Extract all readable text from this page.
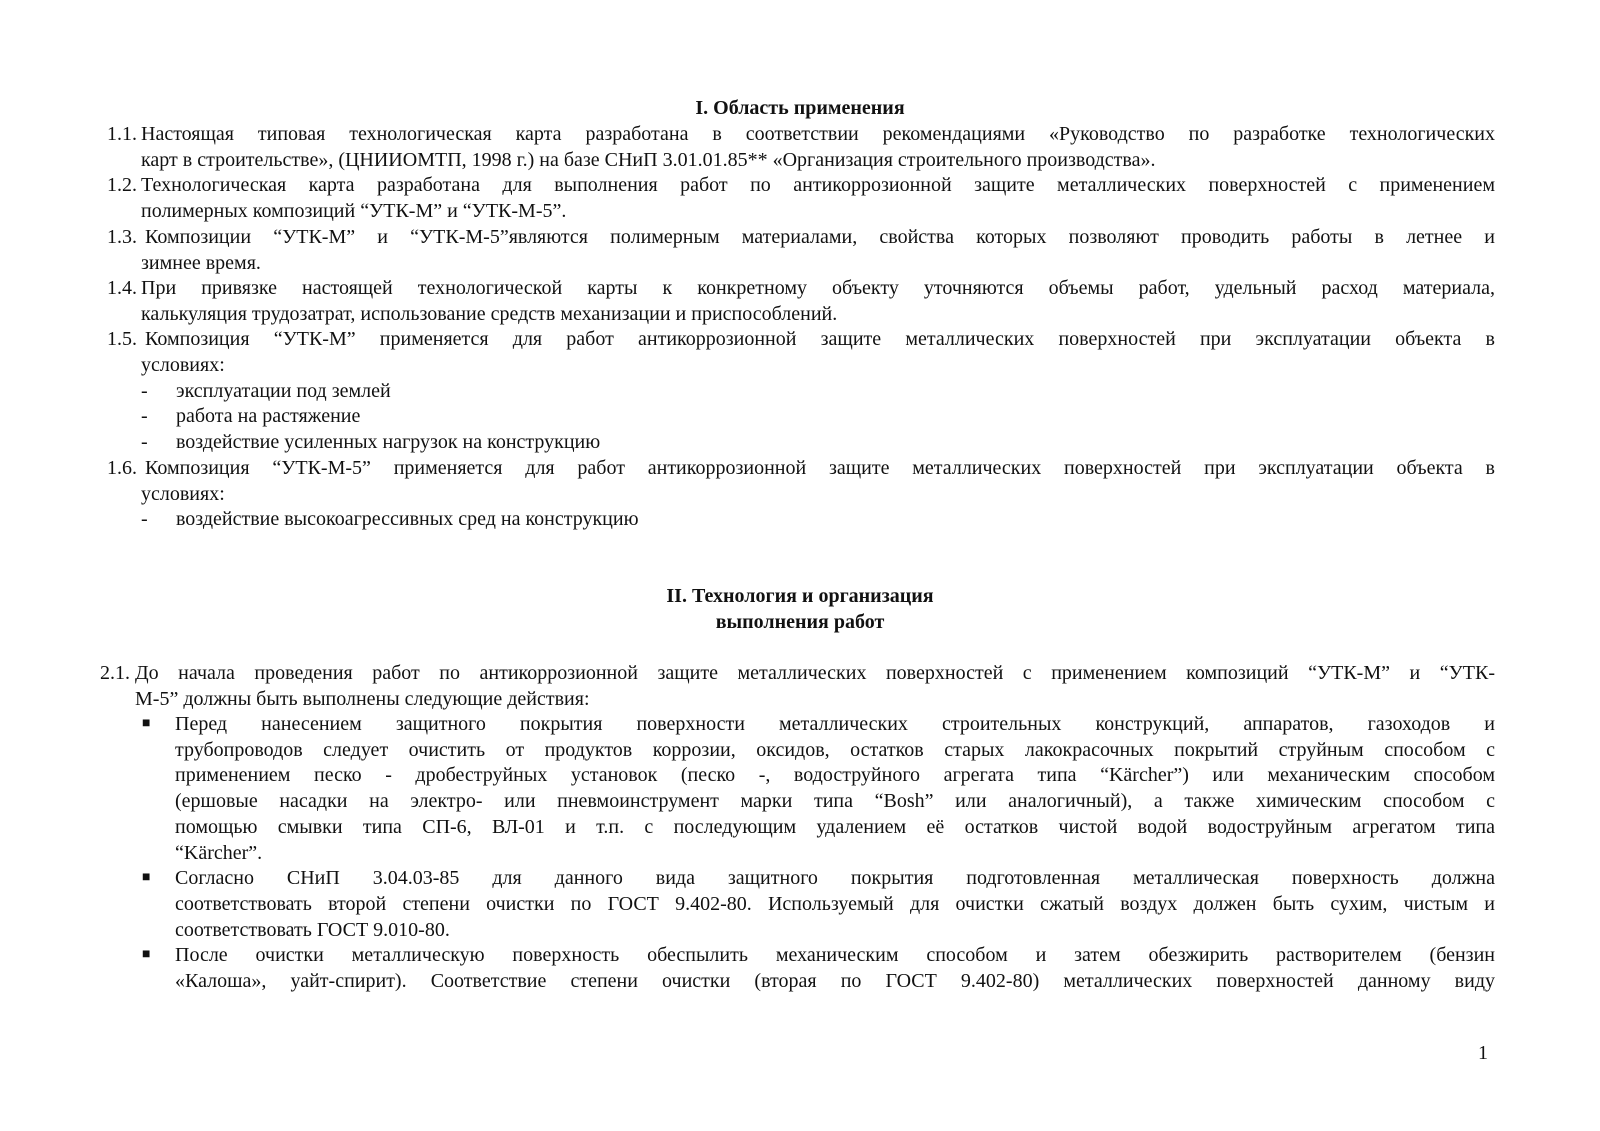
I. Область применения
1.1. Настоящая типовая технологическая карта разработана в соответствии рекомендациями «Руководство по разработке технологических
карт в строительстве», (ЦНИИОМТП, 1998 г.) на базе СНиП 3.01.01.85** «Организация строительного производства».
1.2. Технологическая карта разработана для выполнения работ по антикоррозионной защите металлических поверхностей с применением
полимерных композиций “УТК-М” и “УТК-М-5”.
1.3. Композиции “УТК-М” и “УТК-М-5”являются полимерным материалами, свойства которых позволяют проводить работы в летнее и
зимнее время.
1.4. При привязке настоящей технологической карты к конкретному объекту уточняются объемы работ, удельный расход материала,
калькуляция трудозатрат, использование средств механизации и приспособлений.
1.5. Композиция “УТК-М” применяется для работ антикоррозионной защите металлических поверхностей при эксплуатации объекта в
условиях:
- эксплуатации под землей
- работа на растяжение
- воздействие усиленных нагрузок на конструкцию
1.6. Композиция “УТК-М-5” применяется для работ антикоррозионной защите металлических поверхностей при эксплуатации объекта в
условиях:
- воздействие высокоагрессивных сред на конструкцию
II. Технология и организация
выполнения работ
2.1. До начала проведения работ по антикоррозионной защите металлических поверхностей с применением композиций “УТК-М” и “УТК-
М-5” должны быть выполнены следующие действия:
■ Перед нанесением защитного покрытия поверхности металлических строительных конструкций, аппаратов, газоходов и
трубопроводов следует очистить от продуктов коррозии, оксидов, остатков старых лакокрасочных покрытий струйным способом с
применением песко - дробеструйных установок (песко -, водоструйного агрегата типа “Kärcher”) или механическим способом
(ершовые насадки на электро- или пневмоинструмент марки типа “Bosh” или аналогичный), а также химическим способом с
помощью смывки типа СП-6, ВЛ-01 и т.п. с последующим удалением её остатков чистой водой водоструйным агрегатом типа
“Kärcher”.
■ Согласно СНиП 3.04.03-85 для данного вида защитного покрытия подготовленная металлическая поверхность должна
соответствовать второй степени очистки по ГОСТ 9.402-80. Используемый для очистки сжатый воздух должен быть сухим, чистым и
соответствовать ГОСТ 9.010-80.
■ После очистки металлическую поверхность обеспылить механическим способом и затем обезжирить растворителем (бензин
«Калоша», уайт-спирит). Соответствие степени очистки (вторая по ГОСТ 9.402-80) металлических поверхностей данному виду
1
